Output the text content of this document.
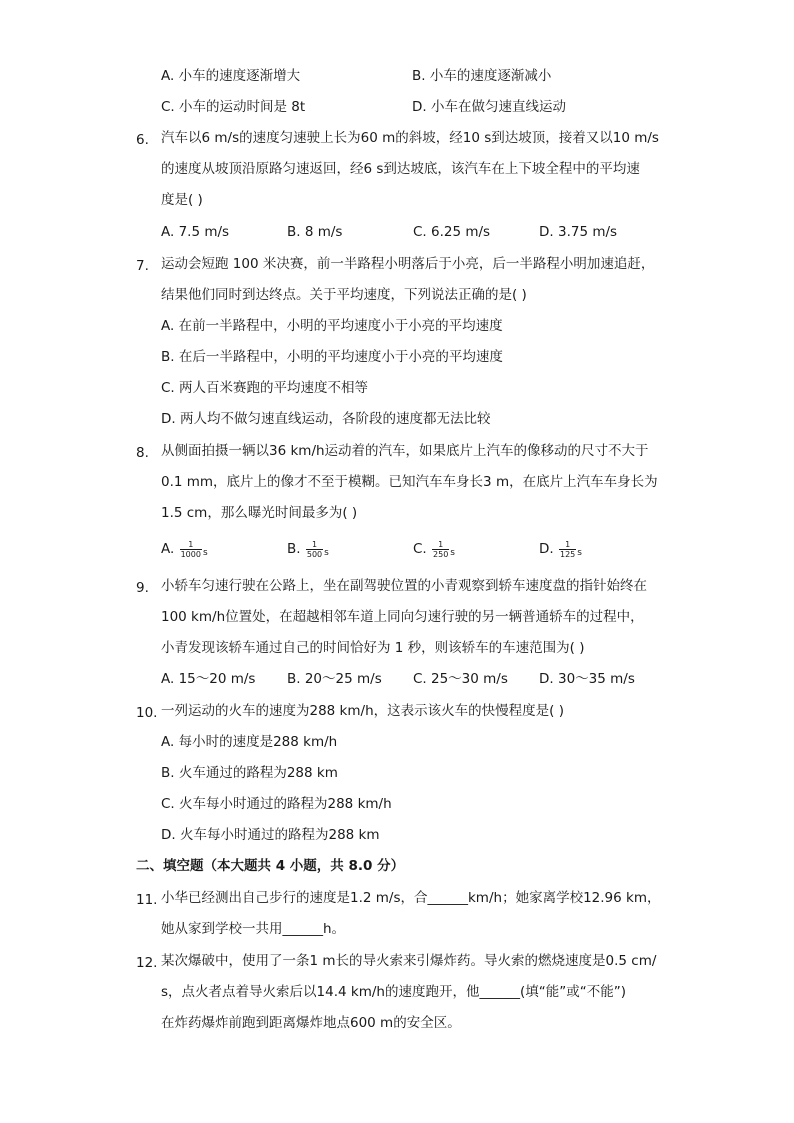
A. 小车的速度逐渐增大	B. 小车的速度逐渐减小
C. 小车的运动时间是 8t	D. 小车在做匀速直线运动
6. 汽车以6 m/s的速度匀速驶上长为60 m的斜坡，经10 s到达坡顶，接着又以10 m/s
的速度从坡顶沿原路匀速返回，经6 s到达坡底，该汽车在上下坡全程中的平均速
度是( )
A. 7.5 m/s	B. 8 m/s	C. 6.25 m/s	D. 3.75 m/s
7. 运动会短跑 100 米决赛，前一半路程小明落后于小亮，后一半路程小明加速追赶，
结果他们同时到达终点。关于平均速度，下列说法正确的是( )
A. 在前一半路程中，小明的平均速度小于小亮的平均速度
B. 在后一半路程中，小明的平均速度小于小亮的平均速度
C. 两人百米赛跑的平均速度不相等
D. 两人均不做匀速直线运动，各阶段的速度都无法比较
8. 从侧面拍摄一辆以36 km/h运动着的汽车，如果底片上汽车的像移动的尺寸不大于
0.1 mm，底片上的像才不至于模糊。已知汽车车身长3 m，在底片上汽车车身长为
1.5 cm，那么曝光时间最多为( )
A. $\frac{1}{1000}$ s	B. $\frac{1}{500}$ s	C. $\frac{1}{250}$ s	D. $\frac{1}{125}$ s
9. 小轿车匀速行驶在公路上，坐在副驾驶位置的小青观察到轿车速度盘的指针始终在
100 km/h位置处，在超越相邻车道上同向匀速行驶的另一辆普通轿车的过程中，
小青发现该轿车通过自己的时间恰好为 1 秒，则该轿车的车速范围为( )
A. 15～20 m/s B. 20～25 m/s C. 25～30 m/s D. 30～35 m/s
10. 一列运动的火车的速度为288 km/h，这表示该火车的快慢程度是( )
A. 每小时的速度是288 km/h
B. 火车通过的路程为288 km
C. 火车每小时通过的路程为288 km/h
D. 火车每小时通过的路程为288 km
二、填空题（本大题共 4 小题，共 8.0 分）
11. 小华已经测出自己步行的速度是1.2 m/s，合______km/h；她家离学校12.96 km，
她从家到学校一共用______h。
12. 某次爆破中，使用了一条1 m长的导火索来引爆炸药。导火索的燃烧速度是0.5 cm/
s，点火者点着导火索后以14.4 km/h的速度跑开，他______(填“能”或“不能”)
在炸药爆炸前跑到距离爆炸地点600 m的安全区。
